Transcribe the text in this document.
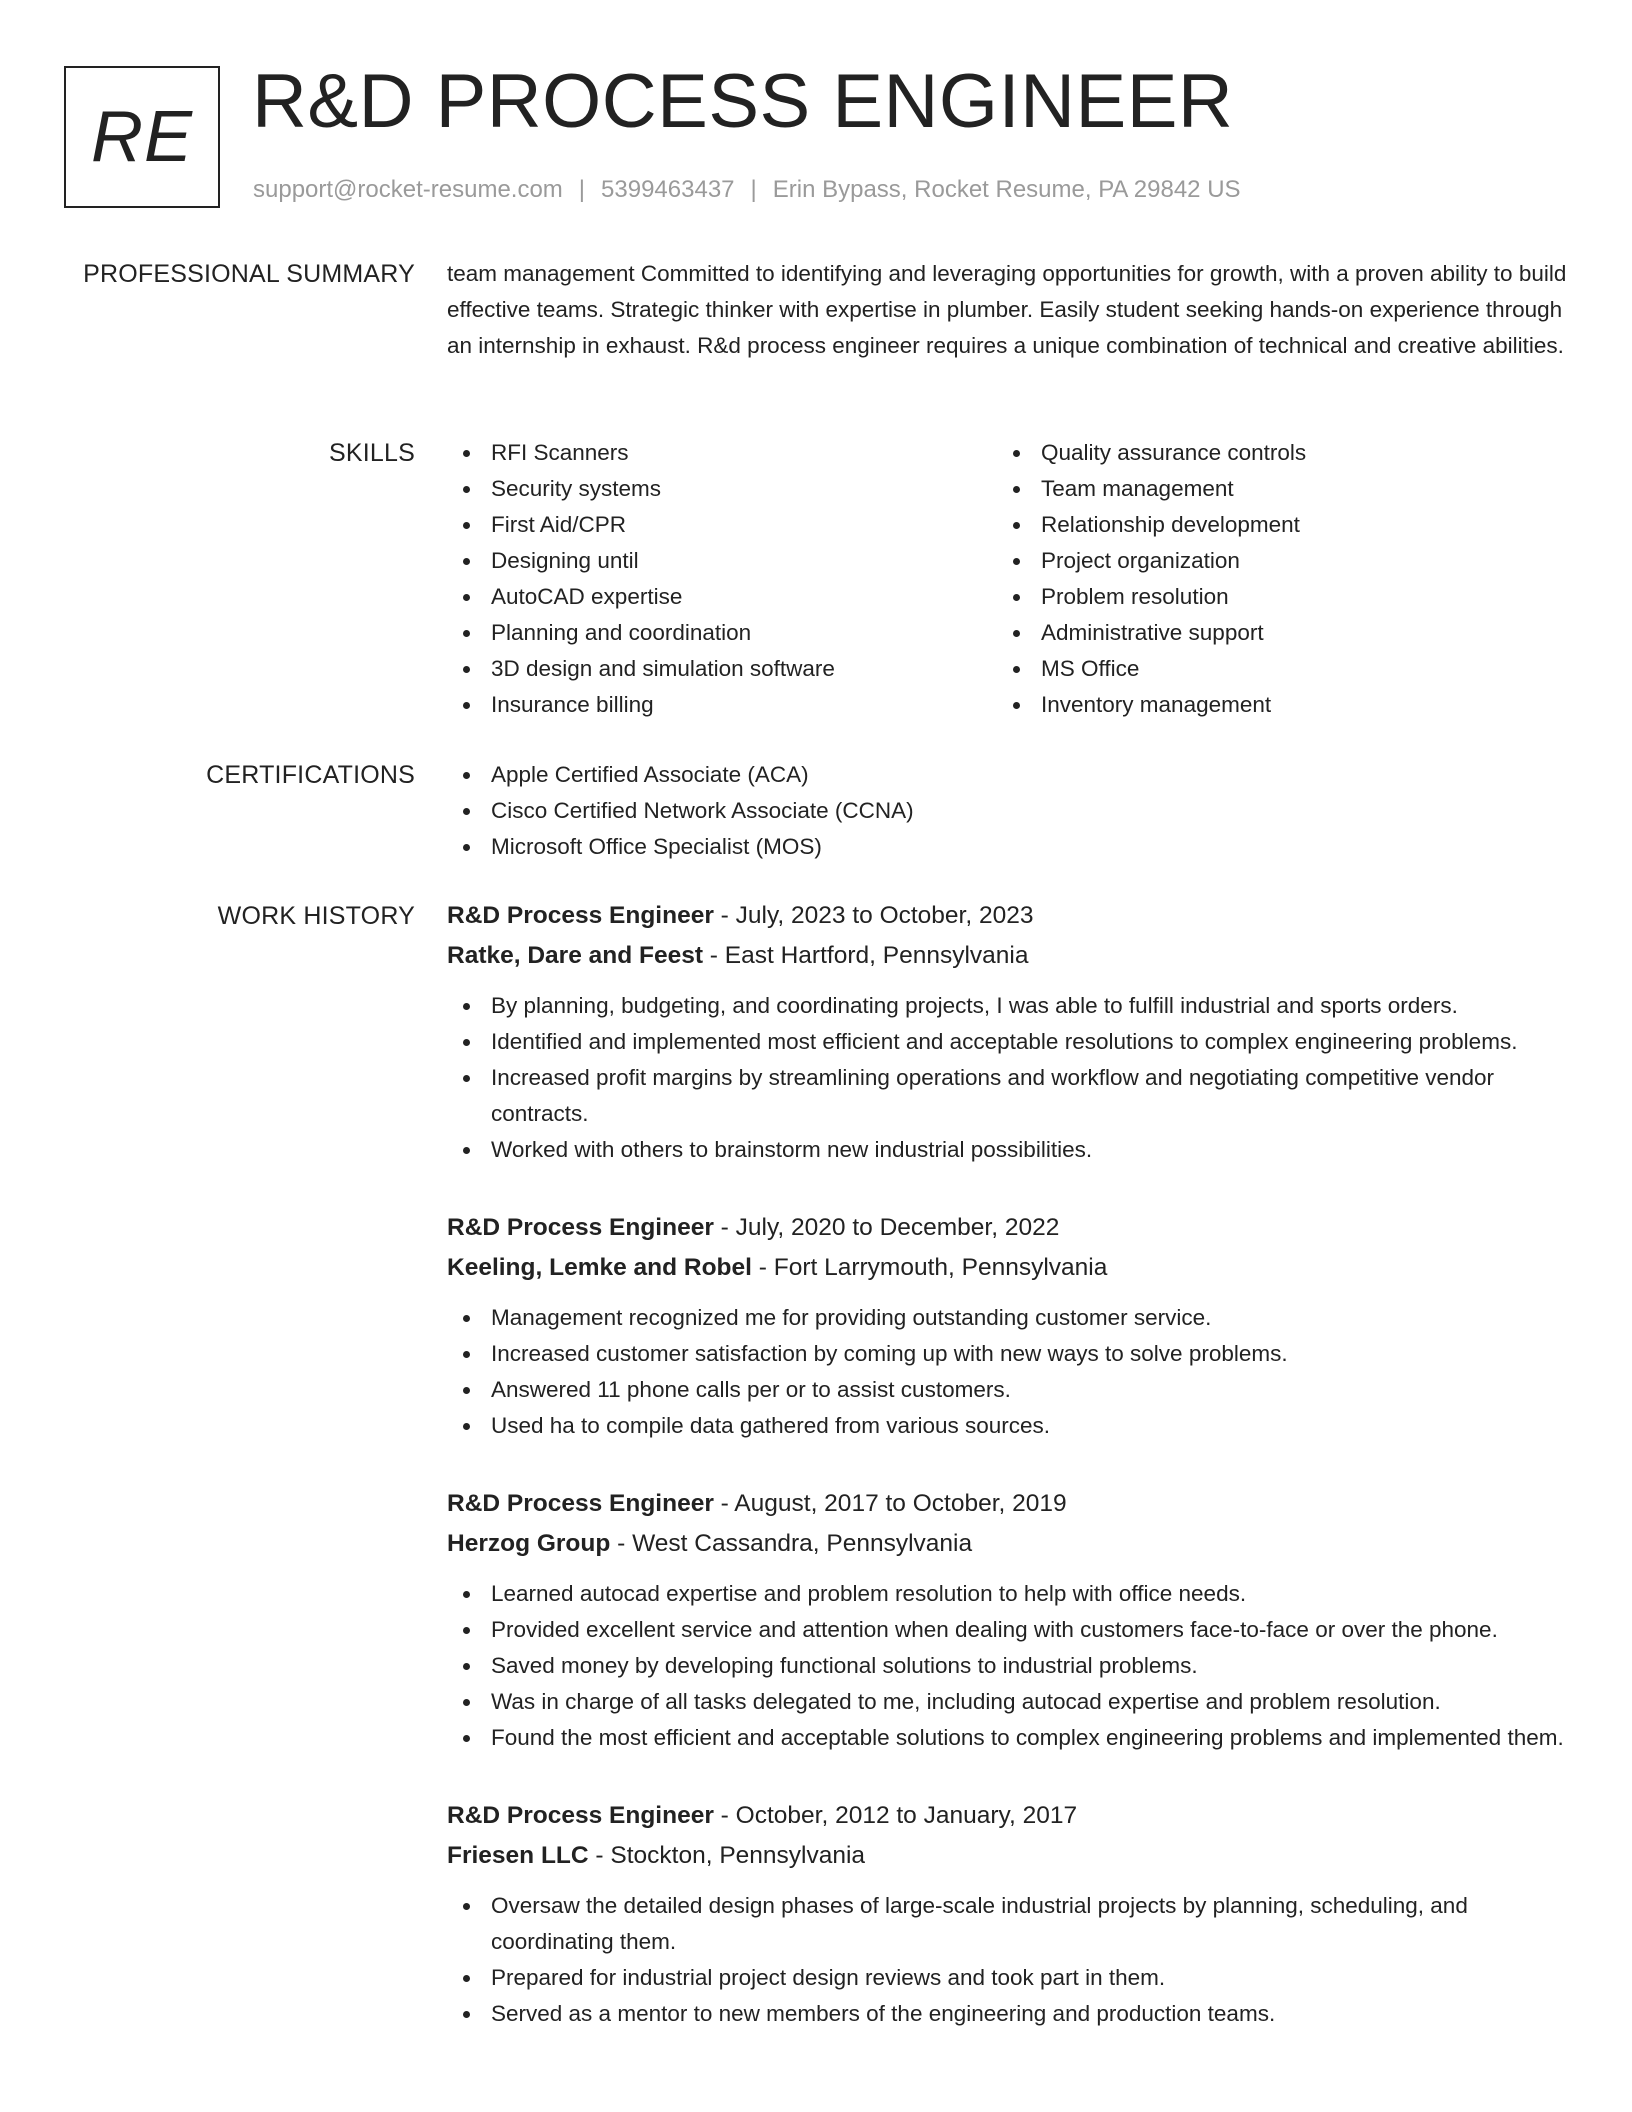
RE R&D PROCESS ENGINEER
support@rocket-resume.com | 5399463437 | Erin Bypass, Rocket Resume, PA 29842 US
PROFESSIONAL SUMMARY team management Committed to identifying and leveraging opportunities for growth, with a proven ability to build effective teams. Strategic thinker with expertise in plumber. Easily student seeking hands-on experience through an internship in exhaust. R&d process engineer requires a unique combination of technical and creative abilities.

SKILLS	RFI Scanners
Security systems
First Aid/CPR
Designing until
AutoCAD expertise
Planning and coordination
3D design and simulation software
Insurance billing
Quality assurance controls
Team management
Relationship development
Project organization
Problem resolution
Administrative support
MS Office
Inventory management
CERTIFICATIONS	Apple Certified Associate (ACA)
Cisco Certified Network Associate (CCNA)
Microsoft Office Specialist (MOS)
WORK HISTORY R&D Process Engineer - July, 2023 to October, 2023
Ratke, Dare and Feest - East Hartford, Pennsylvania
By planning, budgeting, and coordinating projects, I was able to fulfill industrial and sports orders.
Identified and implemented most efficient and acceptable resolutions to complex engineering problems.
Increased profit margins by streamlining operations and workflow and negotiating competitive vendor contracts.
Worked with others to brainstorm new industrial possibilities.
R&D Process Engineer - July, 2020 to December, 2022
Keeling, Lemke and Robel - Fort Larrymouth, Pennsylvania
Management recognized me for providing outstanding customer service.
Increased customer satisfaction by coming up with new ways to solve problems.
Answered 11 phone calls per or to assist customers.
Used ha to compile data gathered from various sources.
R&D Process Engineer - August, 2017 to October, 2019
Herzog Group - West Cassandra, Pennsylvania
Learned autocad expertise and problem resolution to help with office needs.
Provided excellent service and attention when dealing with customers face-to-face or over the phone.
Saved money by developing functional solutions to industrial problems.
Was in charge of all tasks delegated to me, including autocad expertise and problem resolution.
Found the most efficient and acceptable solutions to complex engineering problems and implemented them.
R&D Process Engineer - October, 2012 to January, 2017
Friesen LLC - Stockton, Pennsylvania
Oversaw the detailed design phases of large-scale industrial projects by planning, scheduling, and coordinating them.
Prepared for industrial project design reviews and took part in them.
Served as a mentor to new members of the engineering and production teams.
